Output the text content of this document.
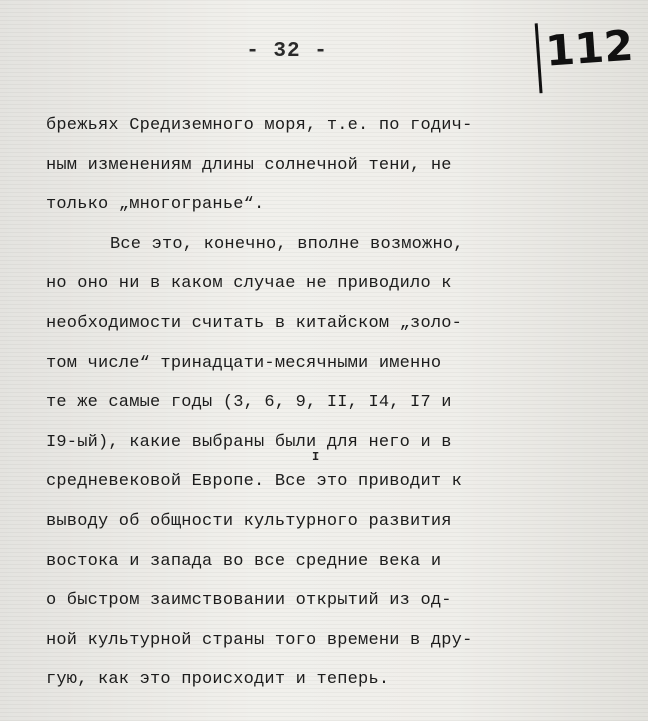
112
- 32 -
брежьях Средиземного моря, т.е. по годич-
ным изменениям длины солнечной тени, не
только „многогранье“.
Все это, конечно, вполне возможно,
но оно ни в каком случае не приводило к
необходимости считать в китайском „золо-
том числе“ тринадцати-месячными именно
те же самые годы (3, 6, 9, II, I4, I7 и
I9-ый), какие выбраны были для него и в
средневековой Европе. Все это приводит к
выводу об общности культурного развития
востока и запада во все средние века и
о быстром заимствовании открытий из од-
ной культурной страны того времени в дру-
гую, как это происходит и теперь.
I
